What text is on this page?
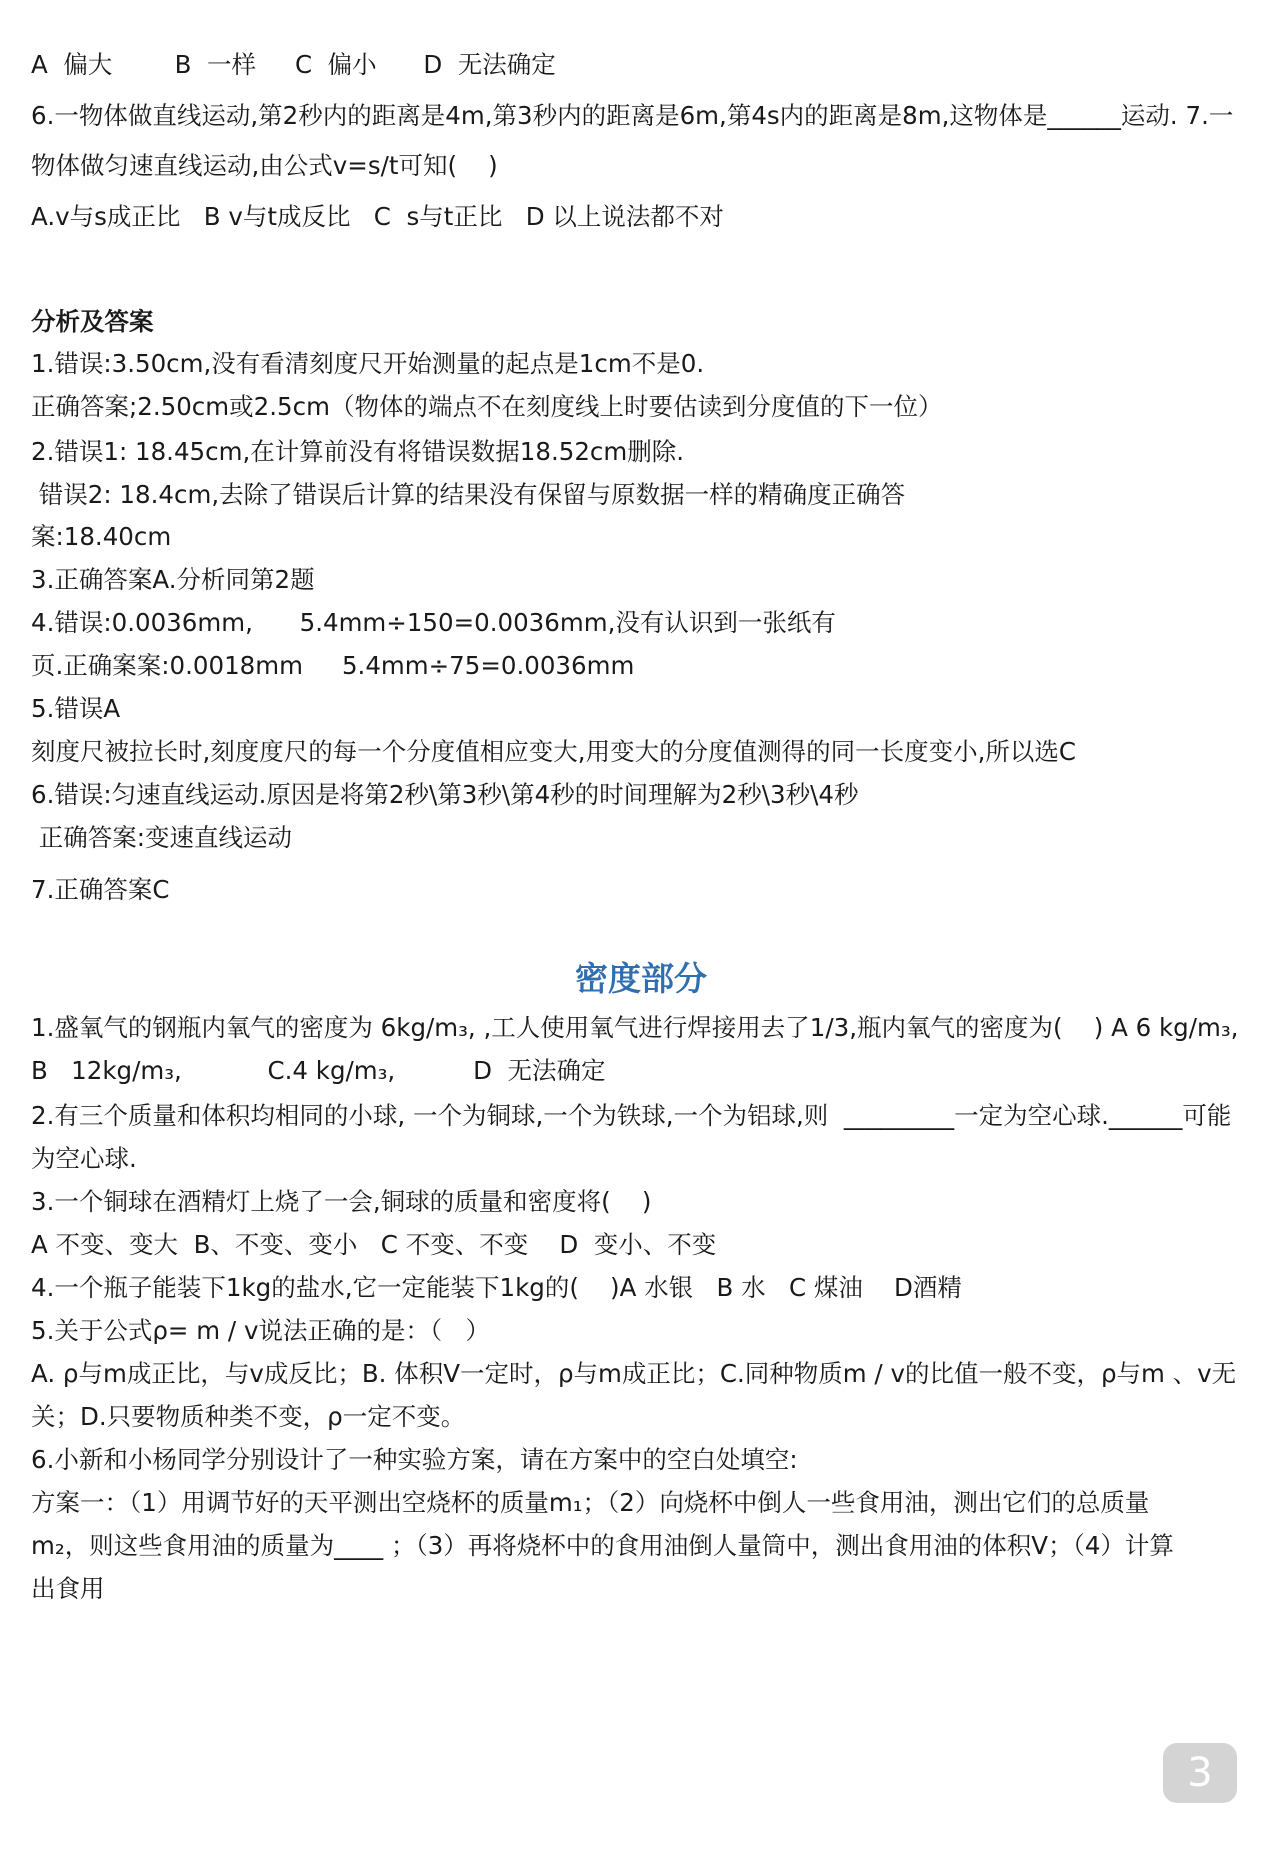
A  偏大        B  一样     C  偏小      D  无法确定
6.一物体做直线运动,第2秒内的距离是4m,第3秒内的距离是6m,第4s内的距离是8m,这物体是______运动. 7.一
物体做匀速直线运动,由公式v=s/t可知(    )
A.v与s成正比   B v与t成反比   C  s与t正比   D 以上说法都不对
分析及答案
1.错误:3.50cm,没有看清刻度尺开始测量的起点是1cm不是0.
正确答案;2.50cm或2.5cm（物体的端点不在刻度线上时要估读到分度值的下一位）
2.错误1: 18.45cm,在计算前没有将错误数据18.52cm删除.
错误2: 18.4cm,去除了错误后计算的结果没有保留与原数据一样的精确度正确答
案:18.40cm
3.正确答案A.分析同第2题
4.错误:0.0036mm,      5.4mm÷150=0.0036mm,没有认识到一张纸有
页.正确案案:0.0018mm     5.4mm÷75=0.0036mm
5.错误A
刻度尺被拉长时,刻度度尺的每一个分度值相应变大,用变大的分度值测得的同一长度变小,所以选C
6.错误:匀速直线运动.原因是将第2秒\第3秒\第4秒的时间理解为2秒\3秒\4秒
正确答案:变速直线运动
7.正确答案C
密度部分
1.盛氧气的钢瓶内氧气的密度为 6kg/m₃, ,工人使用氧气进行焊接用去了1/3,瓶内氧气的密度为(    ) A 6 kg/m₃,
B   12kg/m₃,           C.4 kg/m₃,          D  无法确定
2.有三个质量和体积均相同的小球, 一个为铜球,一个为铁球,一个为铝球,则  _________一定为空心球.______可能
为空心球.
3.一个铜球在酒精灯上烧了一会,铜球的质量和密度将(    )
A 不变、变大  B、不变、变小   C 不变、不变    D  变小、不变
4.一个瓶子能装下1kg的盐水,它一定能装下1kg的(    )A 水银   B 水   C 煤油    D酒精
5.关于公式ρ= m / v说法正确的是：（   ）
A. ρ与m成正比，与v成反比；B. 体积V一定时，ρ与m成正比；C.同种物质m / v的比值一般不变，ρ与m 、v无
关；D.只要物质种类不变，ρ一定不变。
6.小新和小杨同学分别设计了一种实验方案，请在方案中的空白处填空:
方案一：（1）用调节好的天平测出空烧杯的质量m₁；（2）向烧杯中倒人一些食用油，测出它们的总质量
m₂，则这些食用油的质量为____ ；（3）再将烧杯中的食用油倒人量筒中，测出食用油的体积V；（4）计算
出食用
3
